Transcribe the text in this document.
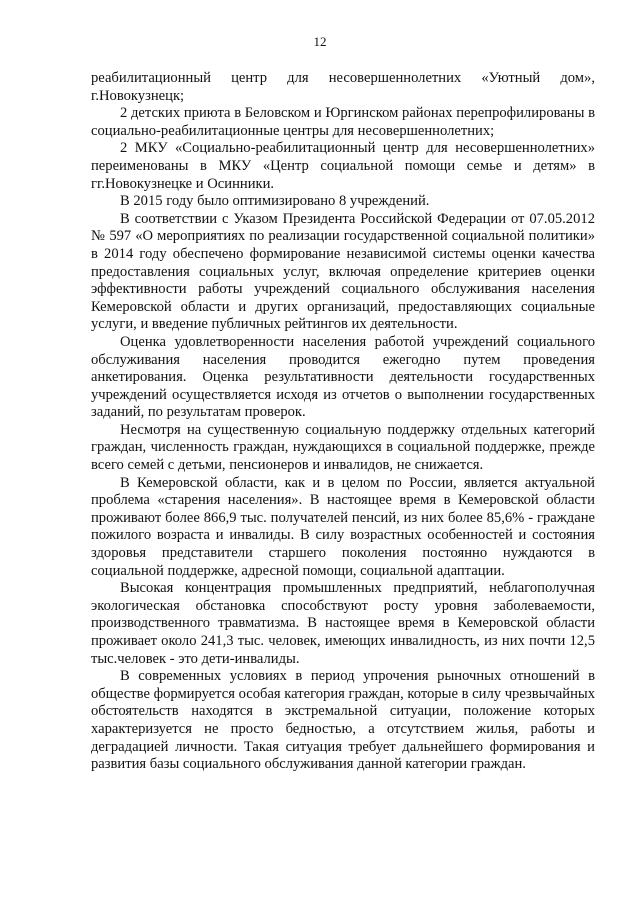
12

реабилитационный центр для несовершеннолетних «Уютный дом», г.Новокузнецк;

2 детских приюта в Беловском и Юргинском районах перепрофилированы в социально-реабилитационные центры для несовершеннолетних;

2 МКУ «Социально-реабилитационный центр для несовершеннолетних» переименованы в МКУ «Центр социальной помощи семье и детям» в гг.Новокузнецке и Осинники.

В 2015 году было оптимизировано 8 учреждений.

В соответствии с Указом Президента Российской Федерации от 07.05.2012 № 597 «О мероприятиях по реализации государственной социальной политики» в 2014 году обеспечено формирование независимой системы оценки качества предоставления социальных услуг, включая определение критериев оценки эффективности работы учреждений социального обслуживания населения Кемеровской области и других организаций, предоставляющих социальные услуги, и введение публичных рейтингов их деятельности.

Оценка удовлетворенности населения работой учреждений социального обслуживания населения проводится ежегодно путем проведения анкетирования. Оценка результативности деятельности государственных учреждений осуществляется исходя из отчетов о выполнении государственных заданий, по результатам проверок.

Несмотря на существенную социальную поддержку отдельных категорий граждан, численность граждан, нуждающихся в социальной поддержке, прежде всего семей с детьми, пенсионеров и инвалидов, не снижается.

В Кемеровской области, как и в целом по России, является актуальной проблема «старения населения». В настоящее время в Кемеровской области проживают более 866,9 тыс. получателей пенсий, из них более 85,6% - граждане пожилого возраста и инвалиды. В силу возрастных особенностей и состояния здоровья представители старшего поколения постоянно нуждаются в социальной поддержке, адресной помощи, социальной адаптации.

Высокая концентрация промышленных предприятий, неблагополучная экологическая обстановка способствуют росту уровня заболеваемости, производственного травматизма. В настоящее время в Кемеровской области проживает около 241,3 тыс. человек, имеющих инвалидность, из них почти 12,5 тыс.человек - это дети-инвалиды.

В современных условиях в период упрочения рыночных отношений в обществе формируется особая категория граждан, которые в силу чрезвычайных обстоятельств находятся в экстремальной ситуации, положение которых характеризуется не просто бедностью, а отсутствием жилья, работы и деградацией личности. Такая ситуация требует дальнейшего формирования и развития базы социального обслуживания данной категории граждан.
